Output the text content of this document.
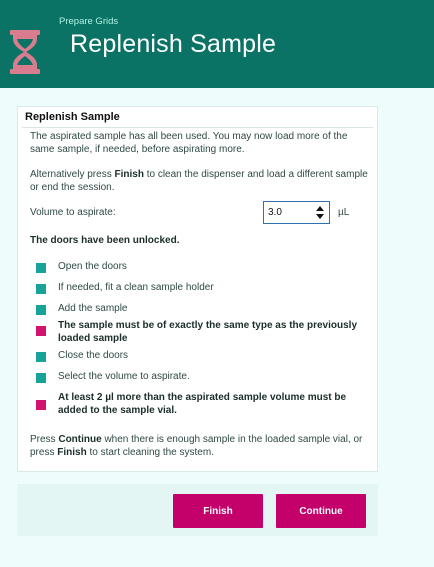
Prepare Grids
Replenish Sample
Replenish Sample
The aspirated sample has all been used. You may now load more of the same sample, if needed, before aspirating more.
Alternatively press Finish to clean the dispenser and load a different sample or end the session.
Volume to aspirate:
3.0	µL
The doors have been unlocked.
Open the doors
If needed, fit a clean sample holder
Add the sample
The sample must be of exactly the same type as the previously loaded sample
Close the doors
Select the volume to aspirate.
At least 2 µl more than the aspirated sample volume must be added to the sample vial.
Press Continue when there is enough sample in the loaded sample vial, or press Finish to start cleaning the system.
Finish	Continue
